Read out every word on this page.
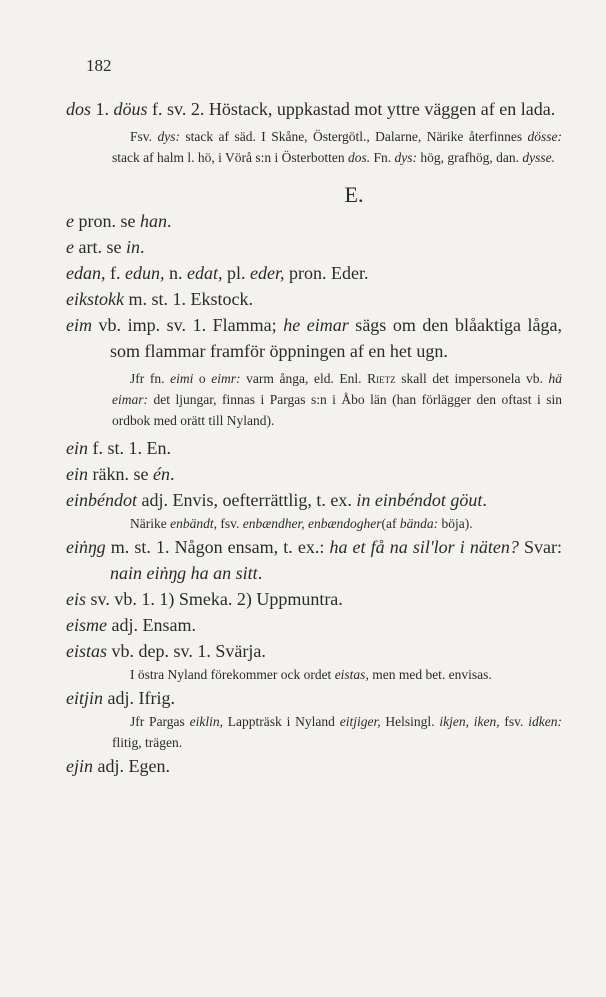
182
dos 1. döus f. sv. 2. Höstack, uppkastad mot yttre väggen af en lada.
Fsv. dys: stack af säd. I Skåne, Östergötl., Dalarne, Närike återfinnes dösse: stack af halm l. hö, i Vörå s:n i Österbotten dos. Fn. dys: hög, grafhög, dan. dysse.
E.
e pron. se han.
e art. se in.
edan, f. edun, n. edat, pl. eder, pron. Eder.
eikstokk m. st. 1. Ekstock.
eim vb. imp. sv. 1. Flamma; he eimar sägs om den blåaktiga låga, som flammar framför öppningen af en het ugn.
Jfr fn. eimi o eimr: varm ånga, eld. Enl. Rietz skall det impersonela vb. hä eimar: det ljungar, finnas i Pargas s:n i Åbo län (han förlägger den oftast i sin ordbok med orätt till Nyland).
ein f. st. 1. En.
ein räkn. se én.
einbéndot adj. Envis, oefterrättlig, t. ex. in einbéndot göut.
Närike enbändt, fsv. enbændher, enbændogher(af bända: böja).
eiṅŋg m. st. 1. Någon ensam, t. ex.: ha et få na sil'lor i näten? Svar: nain eiṅŋg ha an sitt.
eis sv. vb. 1. 1) Smeka. 2) Uppmuntra.
eisme adj. Ensam.
eistas vb. dep. sv. 1. Svärja.
I östra Nyland förekommer ock ordet eistas, men med bet. envisas.
eitjin adj. Ifrig.
Jfr Pargas eiklin, Lappträsk i Nyland eitjiger, Helsingl. ikjen, iken, fsv. idken: flitig, trägen.
ejin adj. Egen.
